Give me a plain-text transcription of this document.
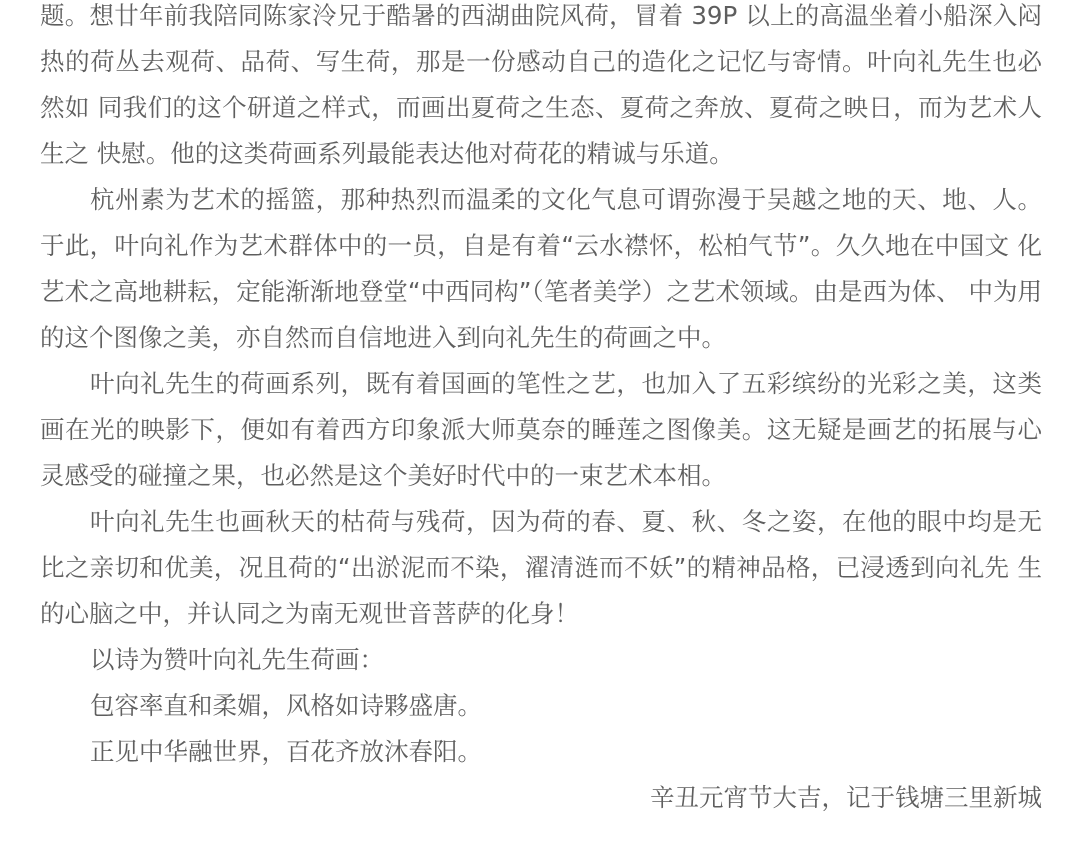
题。想廿年前我陪同陈家泠兄于酷暑的西湖曲院风荷，冒着 39P 以上的高温坐着小船深入闷热的荷丛去观荷、品荷、写生荷，那是一份感动自己的造化之记忆与寄情。叶向礼先生也必然如 同我们的这个研道之样式，而画出夏荷之生态、夏荷之奔放、夏荷之映日，而为艺术人生之 快慰。他的这类荷画系列最能表达他对荷花的精诚与乐道。

杭州素为艺术的摇篮，那种热烈而温柔的文化气息可谓弥漫于吴越之地的天、地、人。于此，叶向礼作为艺术群体中的一员，自是有着“云水襟怀，松柏气节”。久久地在中国文 化艺术之高地耕耘，定能渐渐地登堂“中西同构”（笔者美学）之艺术领域。由是西为体、 中为用的这个图像之美，亦自然而自信地进入到向礼先生的荷画之中。

叶向礼先生的荷画系列，既有着国画的笔性之艺，也加入了五彩缤纷的光彩之美，这类 画在光的映影下，便如有着西方印象派大师莫奈的睡莲之图像美。这无疑是画艺的拓展与心 灵感受的碰撞之果，也必然是这个美好时代中的一束艺术本相。

叶向礼先生也画秋天的枯荷与残荷，因为荷的春、夏、秋、冬之姿，在他的眼中均是无 比之亲切和优美，况且荷的“出淤泥而不染，濯清涟而不妖”的精神品格，已浸透到向礼先 生的心脑之中，并认同之为南无观世音菩萨的化身！

以诗为赞叶向礼先生荷画：

包容率直和柔媚，风格如诗夥盛唐。

正见中华融世界，百花齐放沐春阳。

辛丑元宵节大吉，记于钱塘三里新城
